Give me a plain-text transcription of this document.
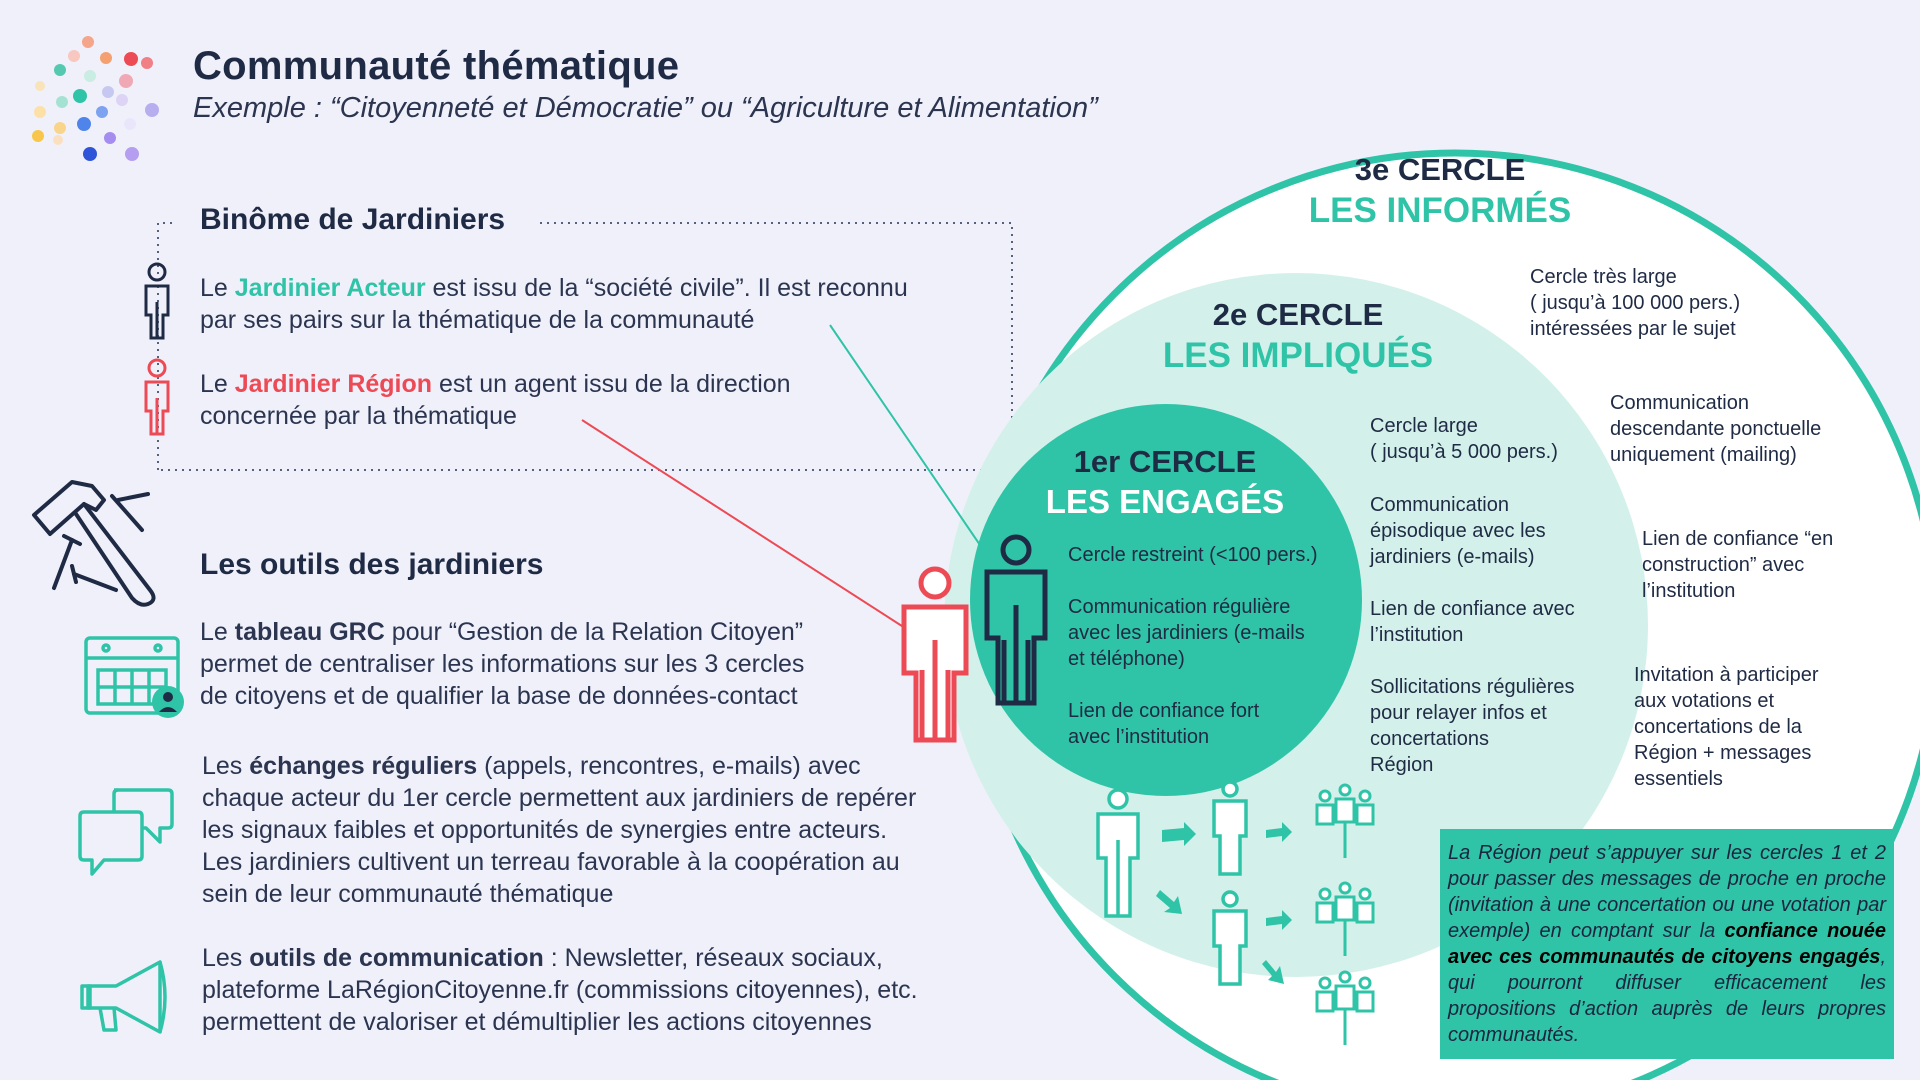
Communauté thématique
Exemple : “Citoyenneté et Démocratie” ou “Agriculture et Alimentation”
Binôme de Jardiniers
Le Jardinier Acteur est issu de la “société civile”. Il est reconnu
par ses pairs sur la thématique de la communauté
Le Jardinier Région est un agent issu de la direction
concernée par la thématique
Les outils des jardiniers
Le tableau GRC pour “Gestion de la Relation Citoyen”
permet de centraliser les informations sur les 3 cercles
de citoyens et de qualifier la base de données-contact
Les échanges réguliers (appels, rencontres, e-mails) avec
chaque acteur du 1er cercle permettent aux jardiniers de repérer
les signaux faibles et opportunités de synergies entre acteurs.
Les jardiniers cultivent un terreau favorable à la coopération au
sein de leur communauté thématique
Les outils de communication : Newsletter, réseaux sociaux,
plateforme LaRégionCitoyenne.fr (commissions citoyennes), etc.
permettent de valoriser et démultiplier les actions citoyennes
3e CERCLE
LES INFORMÉS
Cercle très large
( jusqu’à 100 000 pers.)
intéressées par le sujet
Communication
descendante ponctuelle
uniquement (mailing)
Lien de confiance “en
construction” avec
l’institution
Invitation à participer
aux votations et
concertations de la
Région + messages
essentiels
2e CERCLE
LES IMPLIQUÉS
Cercle large
( jusqu’à 5 000 pers.)
Communication
épisodique avec les
jardiniers (e-mails)
Lien de confiance avec
l’institution
Sollicitations régulières
pour relayer infos et
concertations
Région
1er CERCLE
LES ENGAGÉS
Cercle restreint (<100 pers.)
Communication régulière
avec les jardiniers (e-mails
et téléphone)
Lien de confiance fort
avec l’institution
La Région peut s’appuyer sur les cercles 1 et 2 pour passer des messages de proche en proche (invitation à une concertation ou une votation par exemple) en comptant sur la confiance nouée avec ces communautés de citoyens engagés, qui pourront diffuser efficacement les propositions d’action auprès de leurs propres communautés.
